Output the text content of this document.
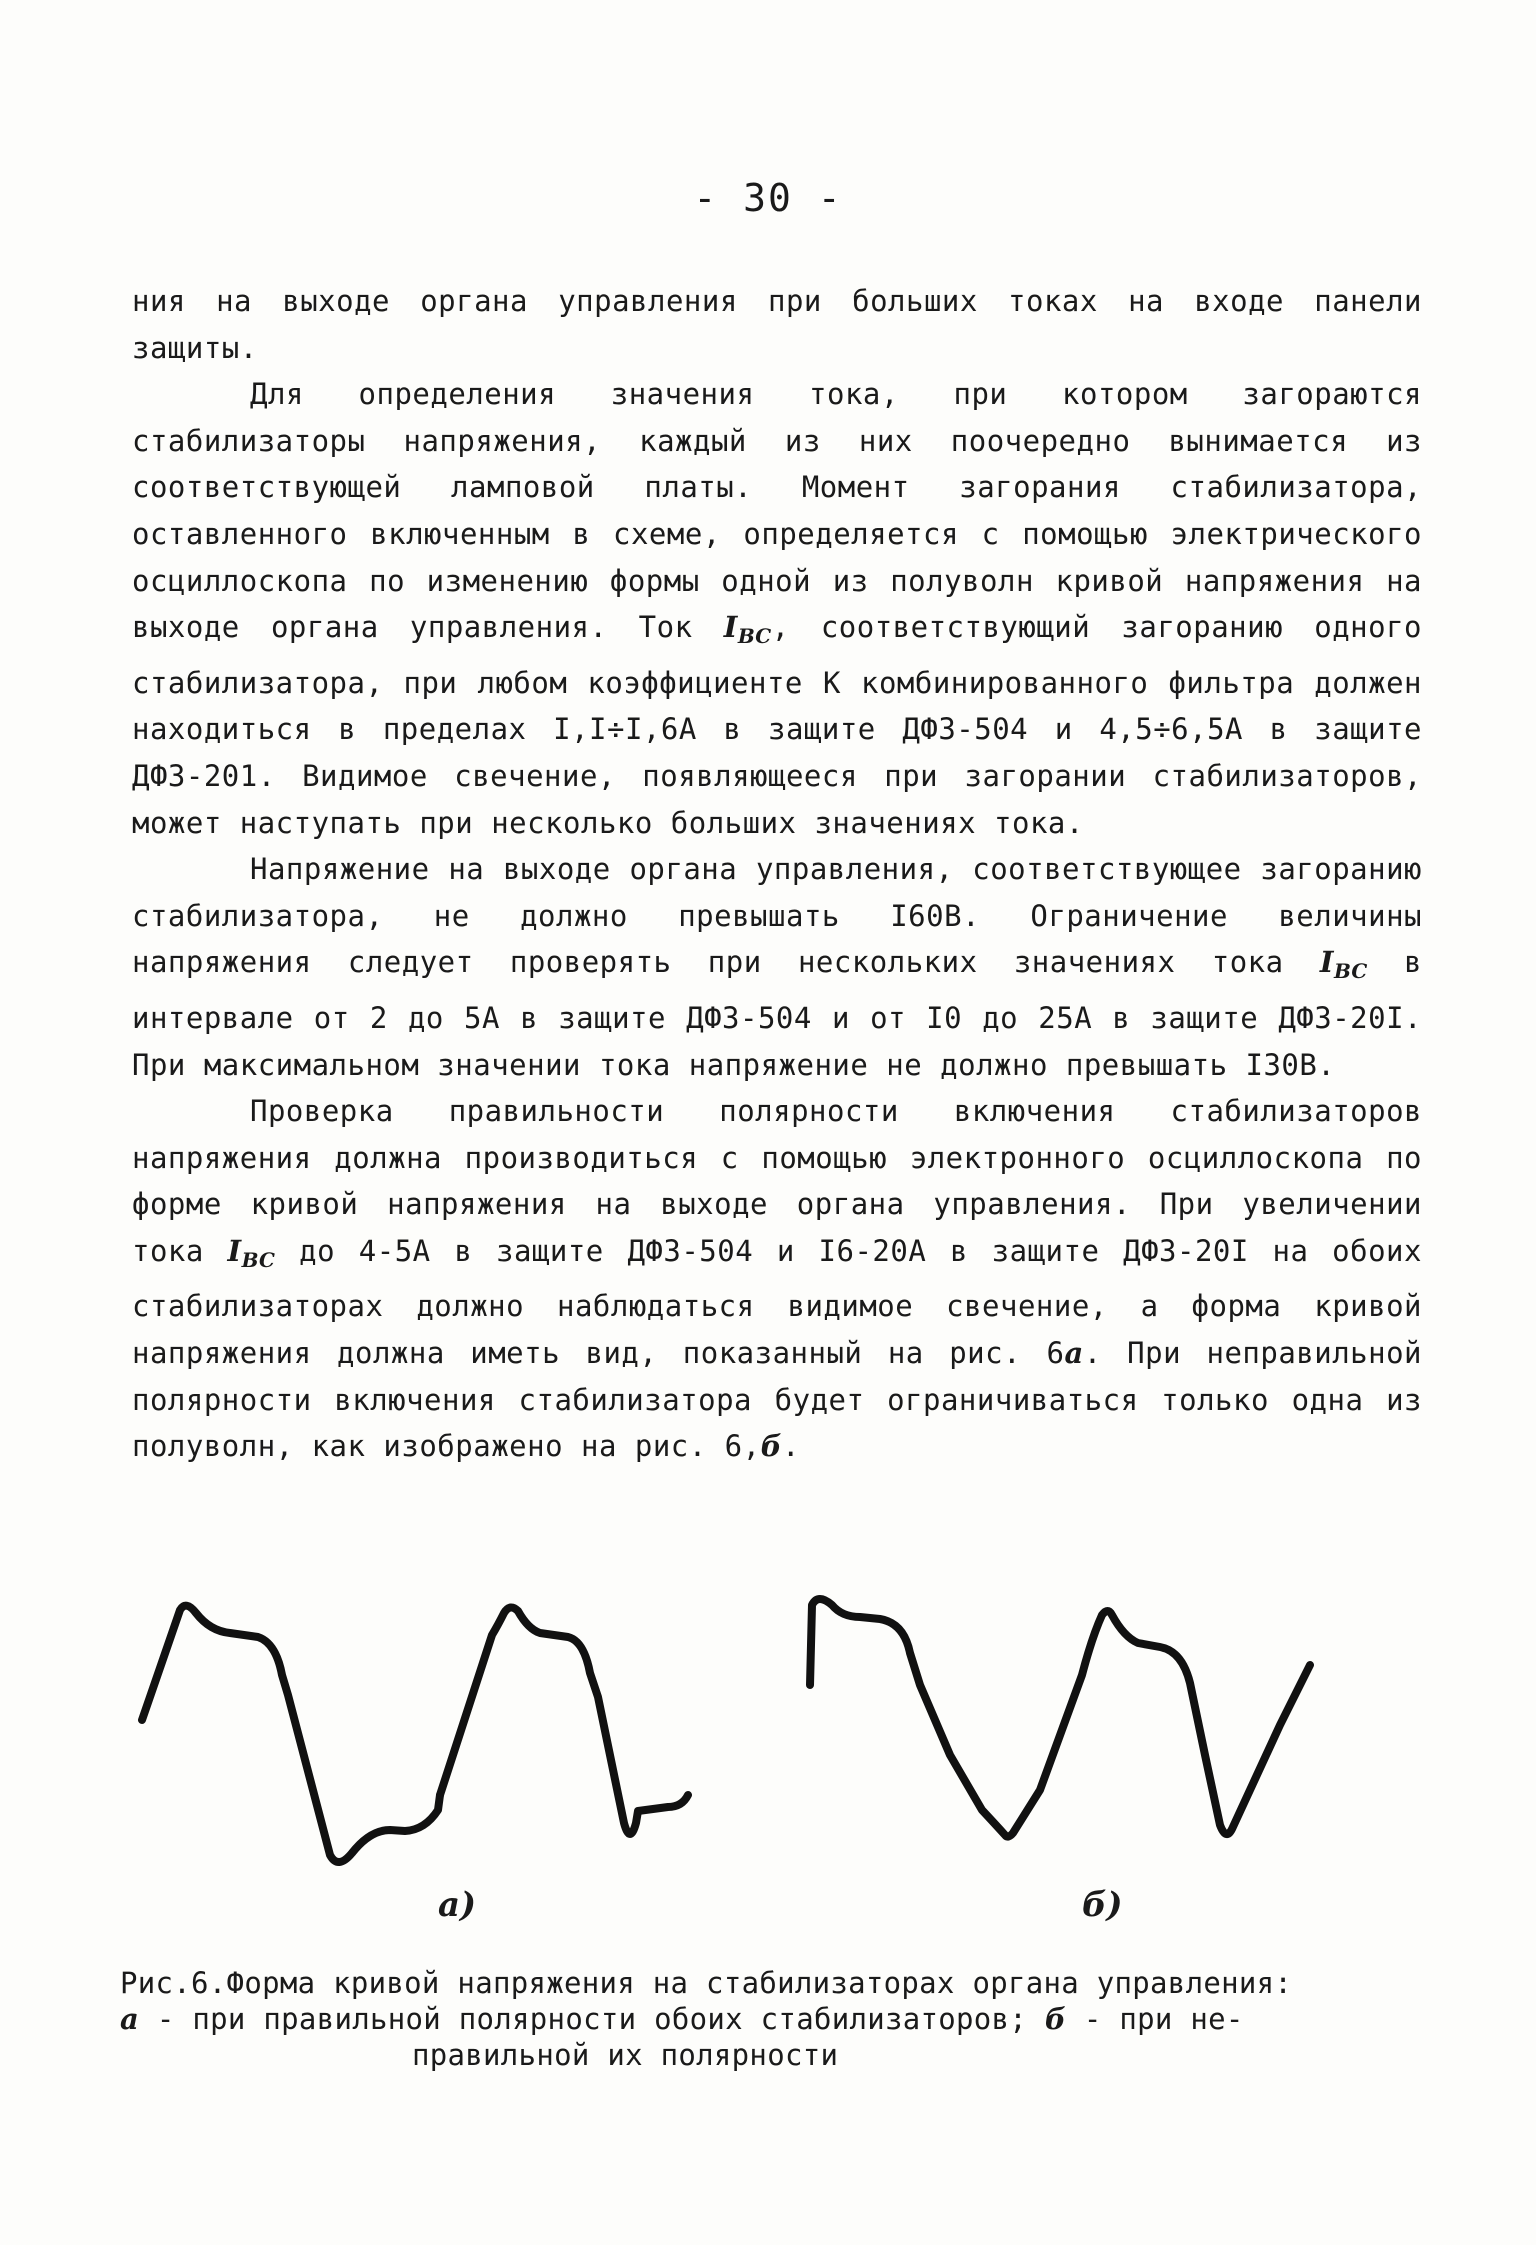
- 30 -

ния на выходе органа управления при больших токах на входе панели защиты.

Для определения значения тока, при котором загораются стабилизаторы напряжения, каждый из них поочередно вынимается из соответствующей ламповой платы. Момент загорания стабилизатора, оставленного включенным в схеме, определяется с помощью электрического осциллоскопа по изменению формы одной из полуволн кривой напряжения на выходе органа управления. Ток $I_{ВС}$, соответствующий загоранию одного стабилизатора, при любом коэффициенте К комбинированного фильтра должен находиться в пределах I,I÷I,6А в защите ДФЗ-504 и 4,5÷6,5А в защите ДФЗ-201. Видимое свечение, появляющееся при загорании стабилизаторов, может наступать при несколько больших значениях тока.

Напряжение на выходе органа управления, соответствующее загоранию стабилизатора, не должно превышать I60В. Ограничение величины напряжения следует проверять при нескольких значениях тока $I_{ВС}$ в интервале от 2 до 5А в защите ДФЗ-504 и от I0 до 25А в защите ДФЗ-20I. При максимальном значении тока напряжение не должно превышать I30В.

Проверка правильности полярности включения стабилизаторов напряжения должна производиться с помощью электронного осциллоскопа по форме кривой напряжения на выходе органа управления. При увеличении тока $I_{ВС}$ до 4-5А в защите ДФЗ-504 и I6-20А в защите ДФЗ-20I на обоих стабилизаторах должно наблюдаться видимое свечение, а форма кривой напряжения должна иметь вид, показанный на рис. 6а. При неправильной полярности включения стабилизатора будет ограничиваться только одна из полуволн, как изображено на рис. 6,б.

а)	б)
Рис.6.Форма кривой напряжения на стабилизаторах органа управления:
а - при правильной полярности обоих стабилизаторов; б - при не-
правильной их полярности
